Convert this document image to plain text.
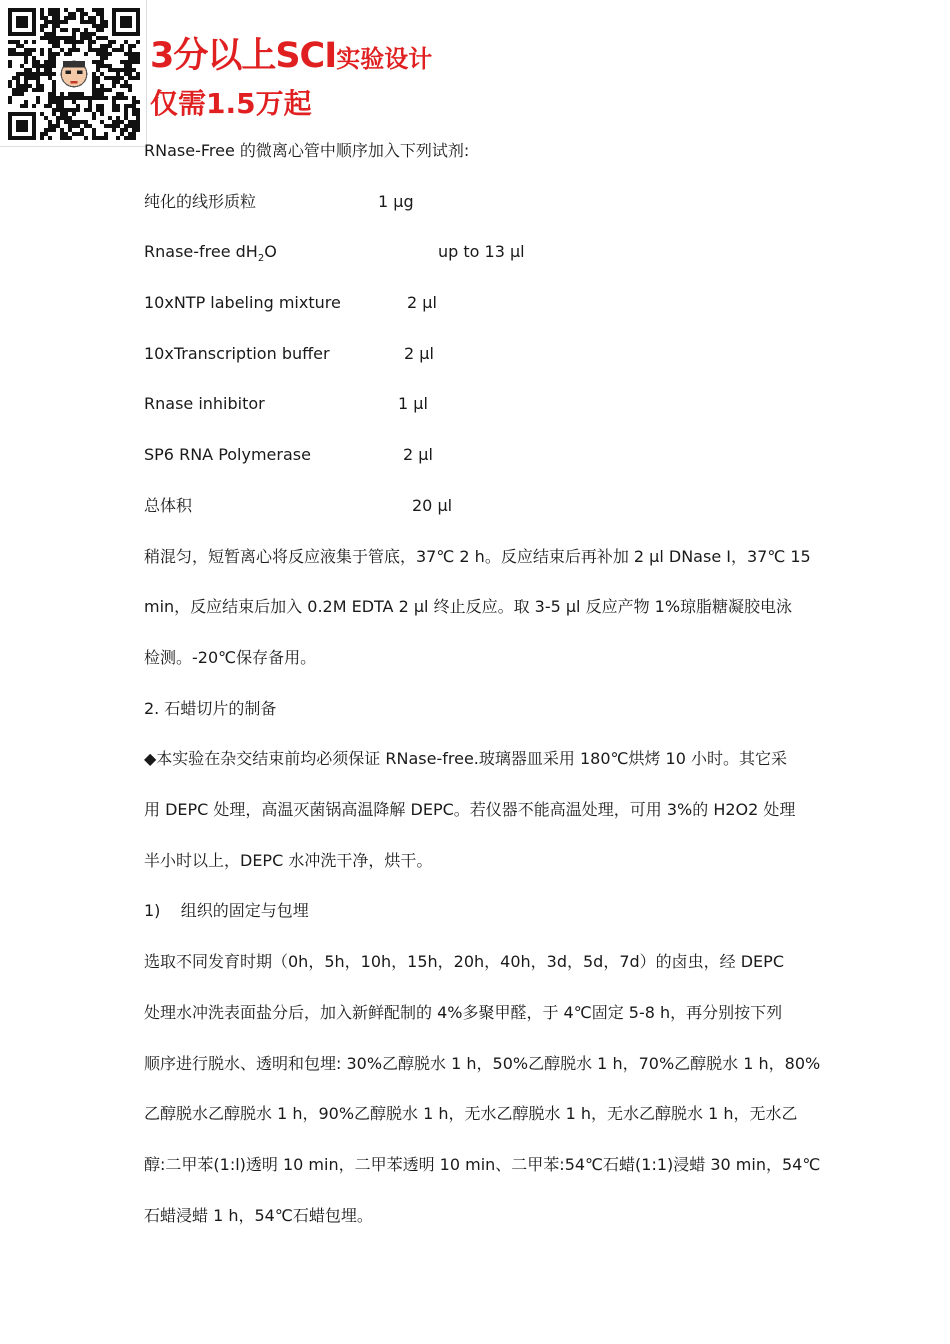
3分以上SCI实验设计
仅需1.5万起

RNase-Free 的微离心管中顺序加入下列试剂:

纯化的线形质粒	1 μg
Rnase-free $dH_2O$	up to 13 μl
10xNTP labeling mixture	2 μl
10xTranscription buffer	2 μl
Rnase inhibitor	1 μl
SP6 RNA Polymerase	2 μl
总体积	20 μl

稍混匀，短暂离心将反应液集于管底，37℃ 2 h。反应结束后再补加 2 μl DNase I，37℃ 15

min，反应结束后加入 0.2M EDTA 2 μl 终止反应。取 3-5 μl 反应产物 1%琼脂糖凝胶电泳

检测。-20℃保存备用。

2. 石蜡切片的制备

◆本实验在杂交结束前均必须保证 RNase-free.玻璃器皿采用 180℃烘烤 10 小时。其它采

用 DEPC 处理，高温灭菌锅高温降解 DEPC。若仪器不能高温处理，可用 3%的 H2O2 处理

半小时以上，DEPC 水冲洗干净，烘干。

1)    组织的固定与包埋

选取不同发育时期（0h，5h，10h，15h，20h，40h，3d，5d，7d）的卤虫，经 DEPC

处理水冲洗表面盐分后，加入新鲜配制的 4%多聚甲醛，于 4℃固定 5-8 h，再分别按下列

顺序进行脱水、透明和包埋: 30%乙醇脱水 1 h，50%乙醇脱水 1 h，70%乙醇脱水 1 h，80%

乙醇脱水乙醇脱水 1 h，90%乙醇脱水 1 h，无水乙醇脱水 1 h，无水乙醇脱水 1 h，无水乙

醇:二甲苯(1:l)透明 10 min，二甲苯透明 10 min、二甲苯:54℃石蜡(1:1)浸蜡 30 min，54℃

石蜡浸蜡 1 h，54℃石蜡包埋。
